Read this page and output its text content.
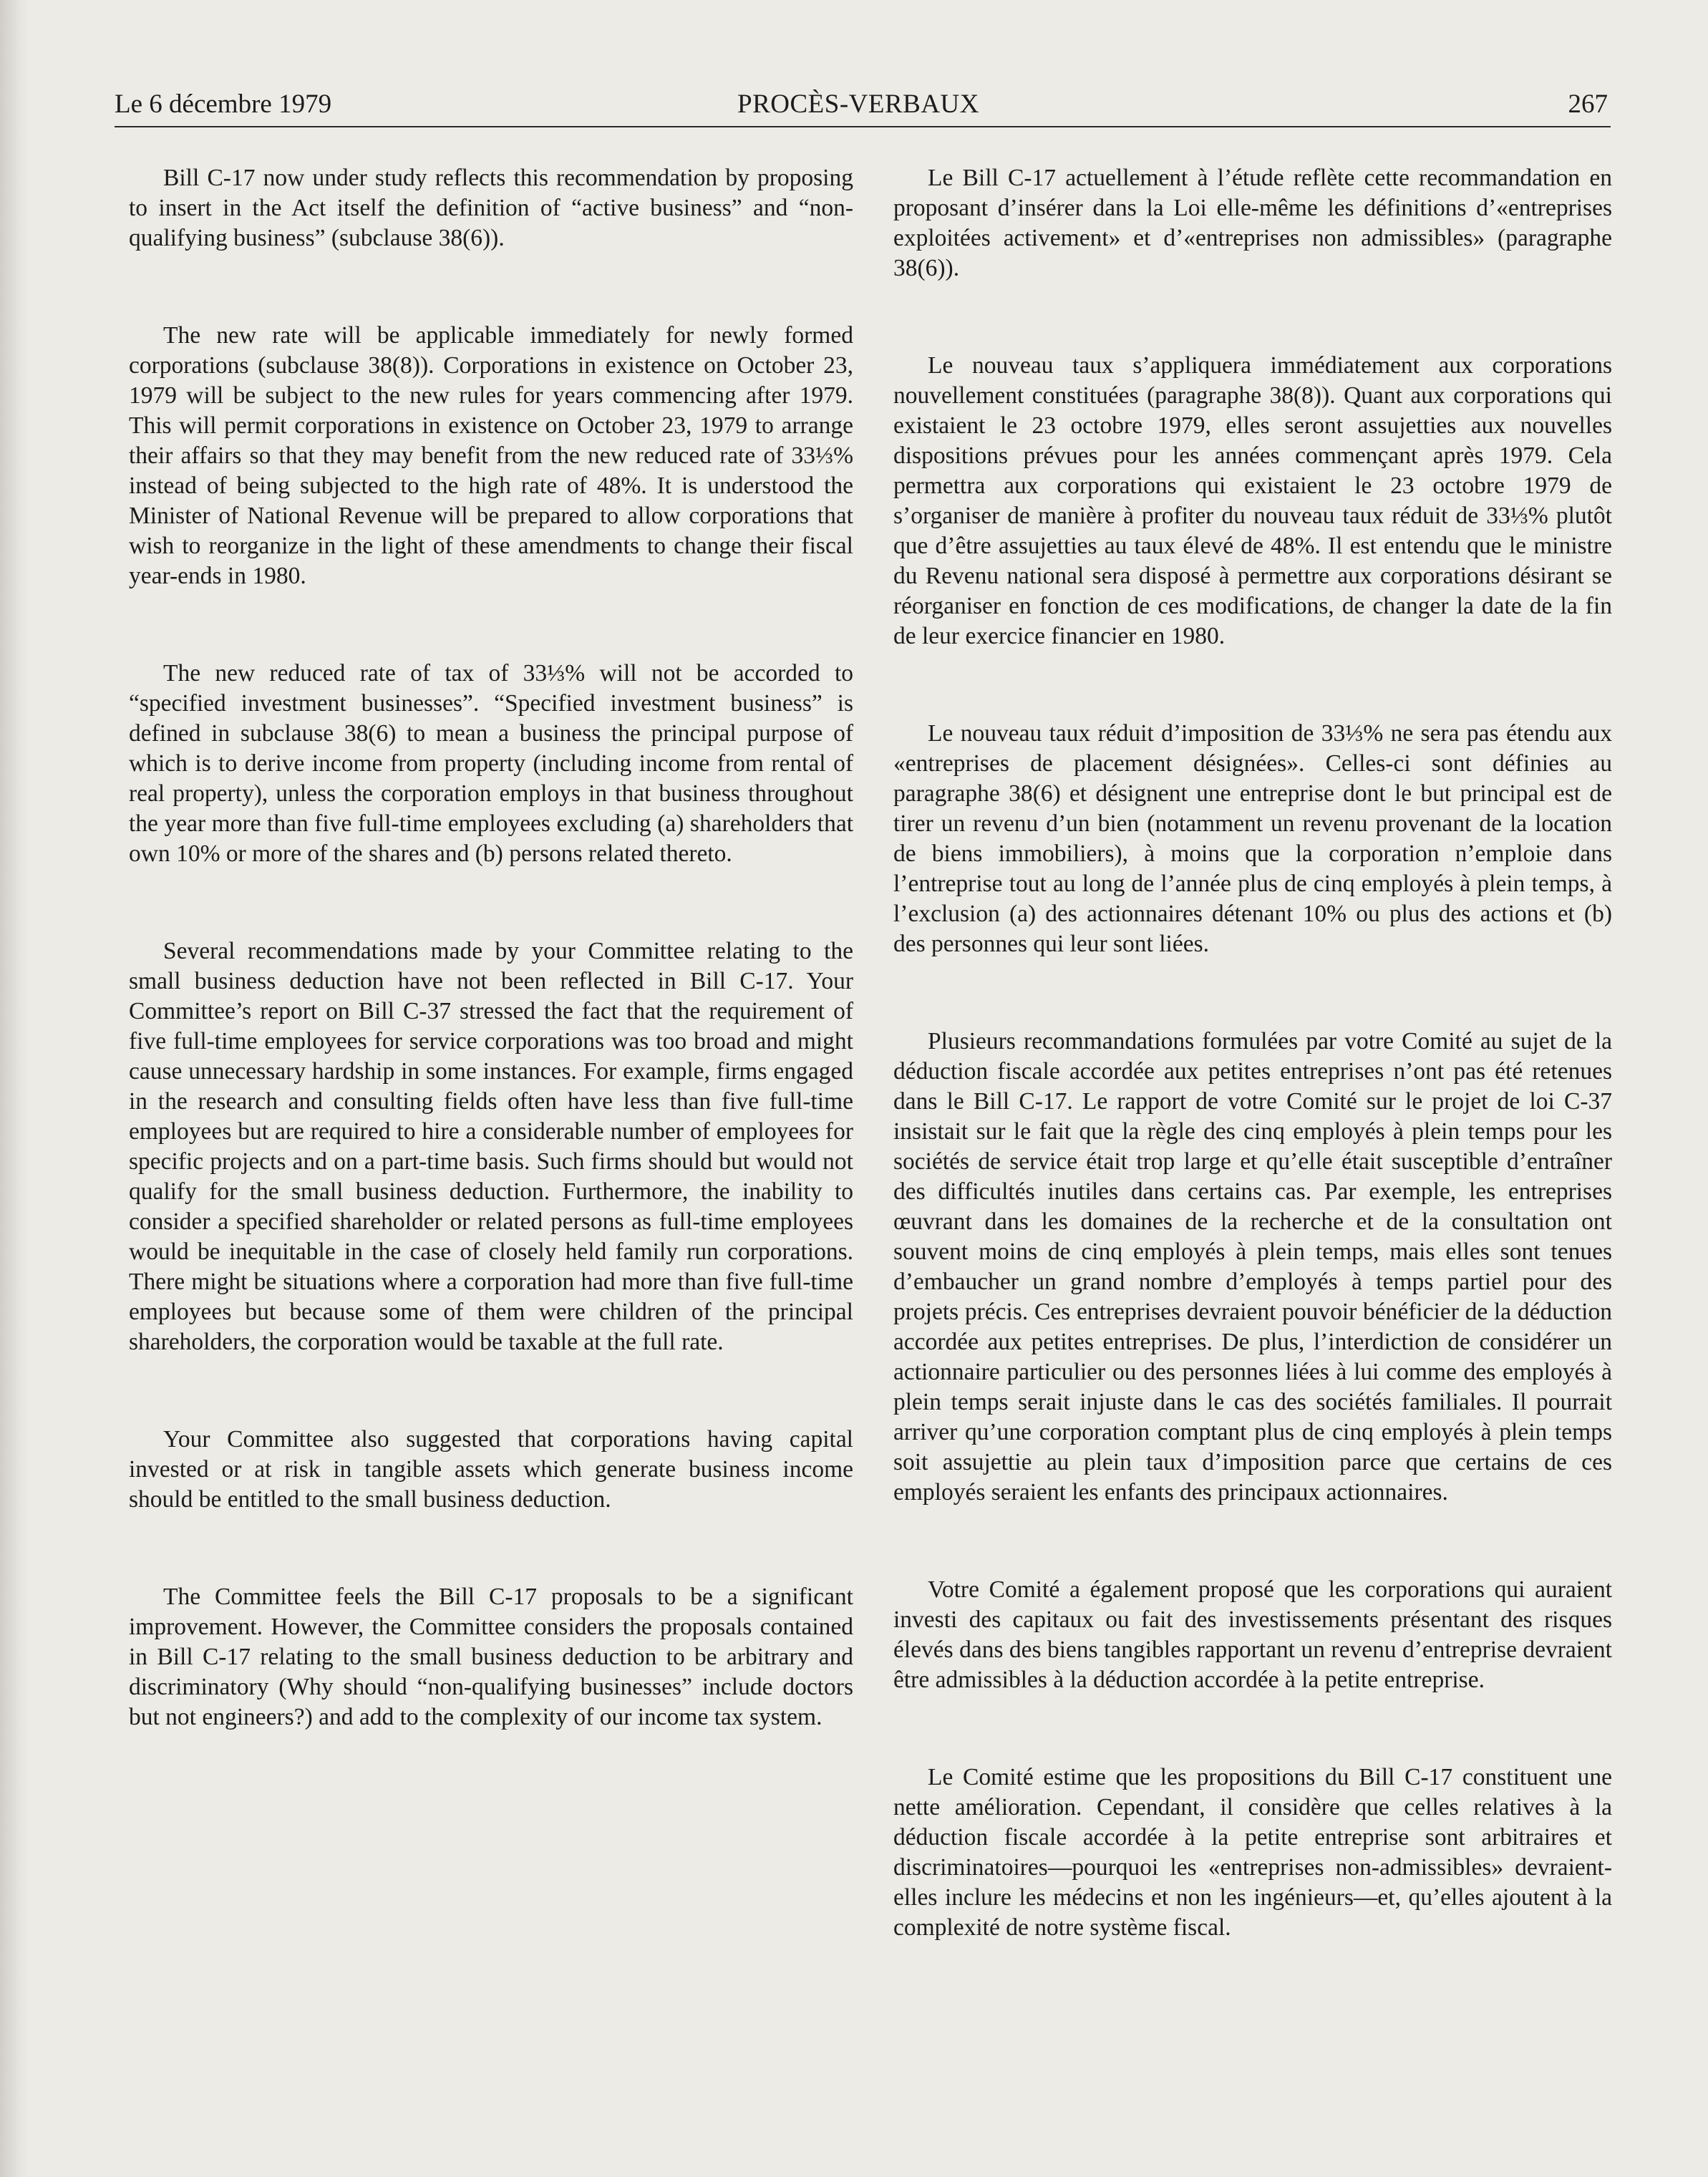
Le 6 décembre 1979	PROCÈS-VERBAUX	267

Bill C-17 now under study reflects this recommendation by proposing to insert in the Act itself the definition of “active business” and “non-qualifying business” (subclause 38(6)).

The new rate will be applicable immediately for newly formed corporations (subclause 38(8)). Corporations in existence on October 23, 1979 will be subject to the new rules for years commencing after 1979. This will permit corporations in existence on October 23, 1979 to arrange their affairs so that they may benefit from the new reduced rate of 33⅓% instead of being subjected to the high rate of 48%. It is understood the Minister of National Revenue will be prepared to allow corporations that wish to reorganize in the light of these amendments to change their fiscal year-ends in 1980.

The new reduced rate of tax of 33⅓% will not be accorded to “specified investment businesses”. “Specified investment business” is defined in subclause 38(6) to mean a business the principal purpose of which is to derive income from property (including income from rental of real property), unless the corporation employs in that business throughout the year more than five full-time employees excluding (a) shareholders that own 10% or more of the shares and (b) persons related thereto.

Several recommendations made by your Committee relating to the small business deduction have not been reflected in Bill C-17. Your Committee’s report on Bill C-37 stressed the fact that the requirement of five full-time employees for service corporations was too broad and might cause unnecessary hardship in some instances. For example, firms engaged in the research and consulting fields often have less than five full-time employees but are required to hire a considerable number of employees for specific projects and on a part-time basis. Such firms should but would not qualify for the small business deduction. Furthermore, the inability to consider a specified shareholder or related persons as full-time employees would be inequitable in the case of closely held family run corporations. There might be situations where a corporation had more than five full-time employees but because some of them were children of the principal shareholders, the corporation would be taxable at the full rate.

Your Committee also suggested that corporations having capital invested or at risk in tangible assets which generate business income should be entitled to the small business deduction.

The Committee feels the Bill C-17 proposals to be a significant improvement. However, the Committee considers the proposals contained in Bill C-17 relating to the small business deduction to be arbitrary and discriminatory (Why should “non-qualifying businesses” include doctors but not engineers?) and add to the complexity of our income tax system.

Le Bill C-17 actuellement à l’étude reflète cette recommandation en proposant d’insérer dans la Loi elle-même les définitions d’«entreprises exploitées activement» et d’«entreprises non admissibles» (paragraphe 38(6)).

Le nouveau taux s’appliquera immédiatement aux corporations nouvellement constituées (paragraphe 38(8)). Quant aux corporations qui existaient le 23 octobre 1979, elles seront assujetties aux nouvelles dispositions prévues pour les années commençant après 1979. Cela permettra aux corporations qui existaient le 23 octobre 1979 de s’organiser de manière à profiter du nouveau taux réduit de 33⅓% plutôt que d’être assujetties au taux élevé de 48%. Il est entendu que le ministre du Revenu national sera disposé à permettre aux corporations désirant se réorganiser en fonction de ces modifications, de changer la date de la fin de leur exercice financier en 1980.

Le nouveau taux réduit d’imposition de 33⅓% ne sera pas étendu aux «entreprises de placement désignées». Celles-ci sont définies au paragraphe 38(6) et désignent une entreprise dont le but principal est de tirer un revenu d’un bien (notamment un revenu provenant de la location de biens immobiliers), à moins que la corporation n’emploie dans l’entreprise tout au long de l’année plus de cinq employés à plein temps, à l’exclusion (a) des actionnaires détenant 10% ou plus des actions et (b) des personnes qui leur sont liées.

Plusieurs recommandations formulées par votre Comité au sujet de la déduction fiscale accordée aux petites entreprises n’ont pas été retenues dans le Bill C-17. Le rapport de votre Comité sur le projet de loi C-37 insistait sur le fait que la règle des cinq employés à plein temps pour les sociétés de service était trop large et qu’elle était susceptible d’entraîner des difficultés inutiles dans certains cas. Par exemple, les entreprises œuvrant dans les domaines de la recherche et de la consultation ont souvent moins de cinq employés à plein temps, mais elles sont tenues d’embaucher un grand nombre d’employés à temps partiel pour des projets précis. Ces entreprises devraient pouvoir bénéficier de la déduction accordée aux petites entreprises. De plus, l’interdiction de considérer un actionnaire particulier ou des personnes liées à lui comme des employés à plein temps serait injuste dans le cas des sociétés familiales. Il pourrait arriver qu’une corporation comptant plus de cinq employés à plein temps soit assujettie au plein taux d’imposition parce que certains de ces employés seraient les enfants des principaux actionnaires.

Votre Comité a également proposé que les corporations qui auraient investi des capitaux ou fait des investissements présentant des risques élevés dans des biens tangibles rapportant un revenu d’entreprise devraient être admissibles à la déduction accordée à la petite entreprise.

Le Comité estime que les propositions du Bill C-17 constituent une nette amélioration. Cependant, il considère que celles relatives à la déduction fiscale accordée à la petite entreprise sont arbitraires et discriminatoires—pourquoi les «entreprises non-admissibles» devraient-elles inclure les médecins et non les ingénieurs—et, qu’elles ajoutent à la complexité de notre système fiscal.
